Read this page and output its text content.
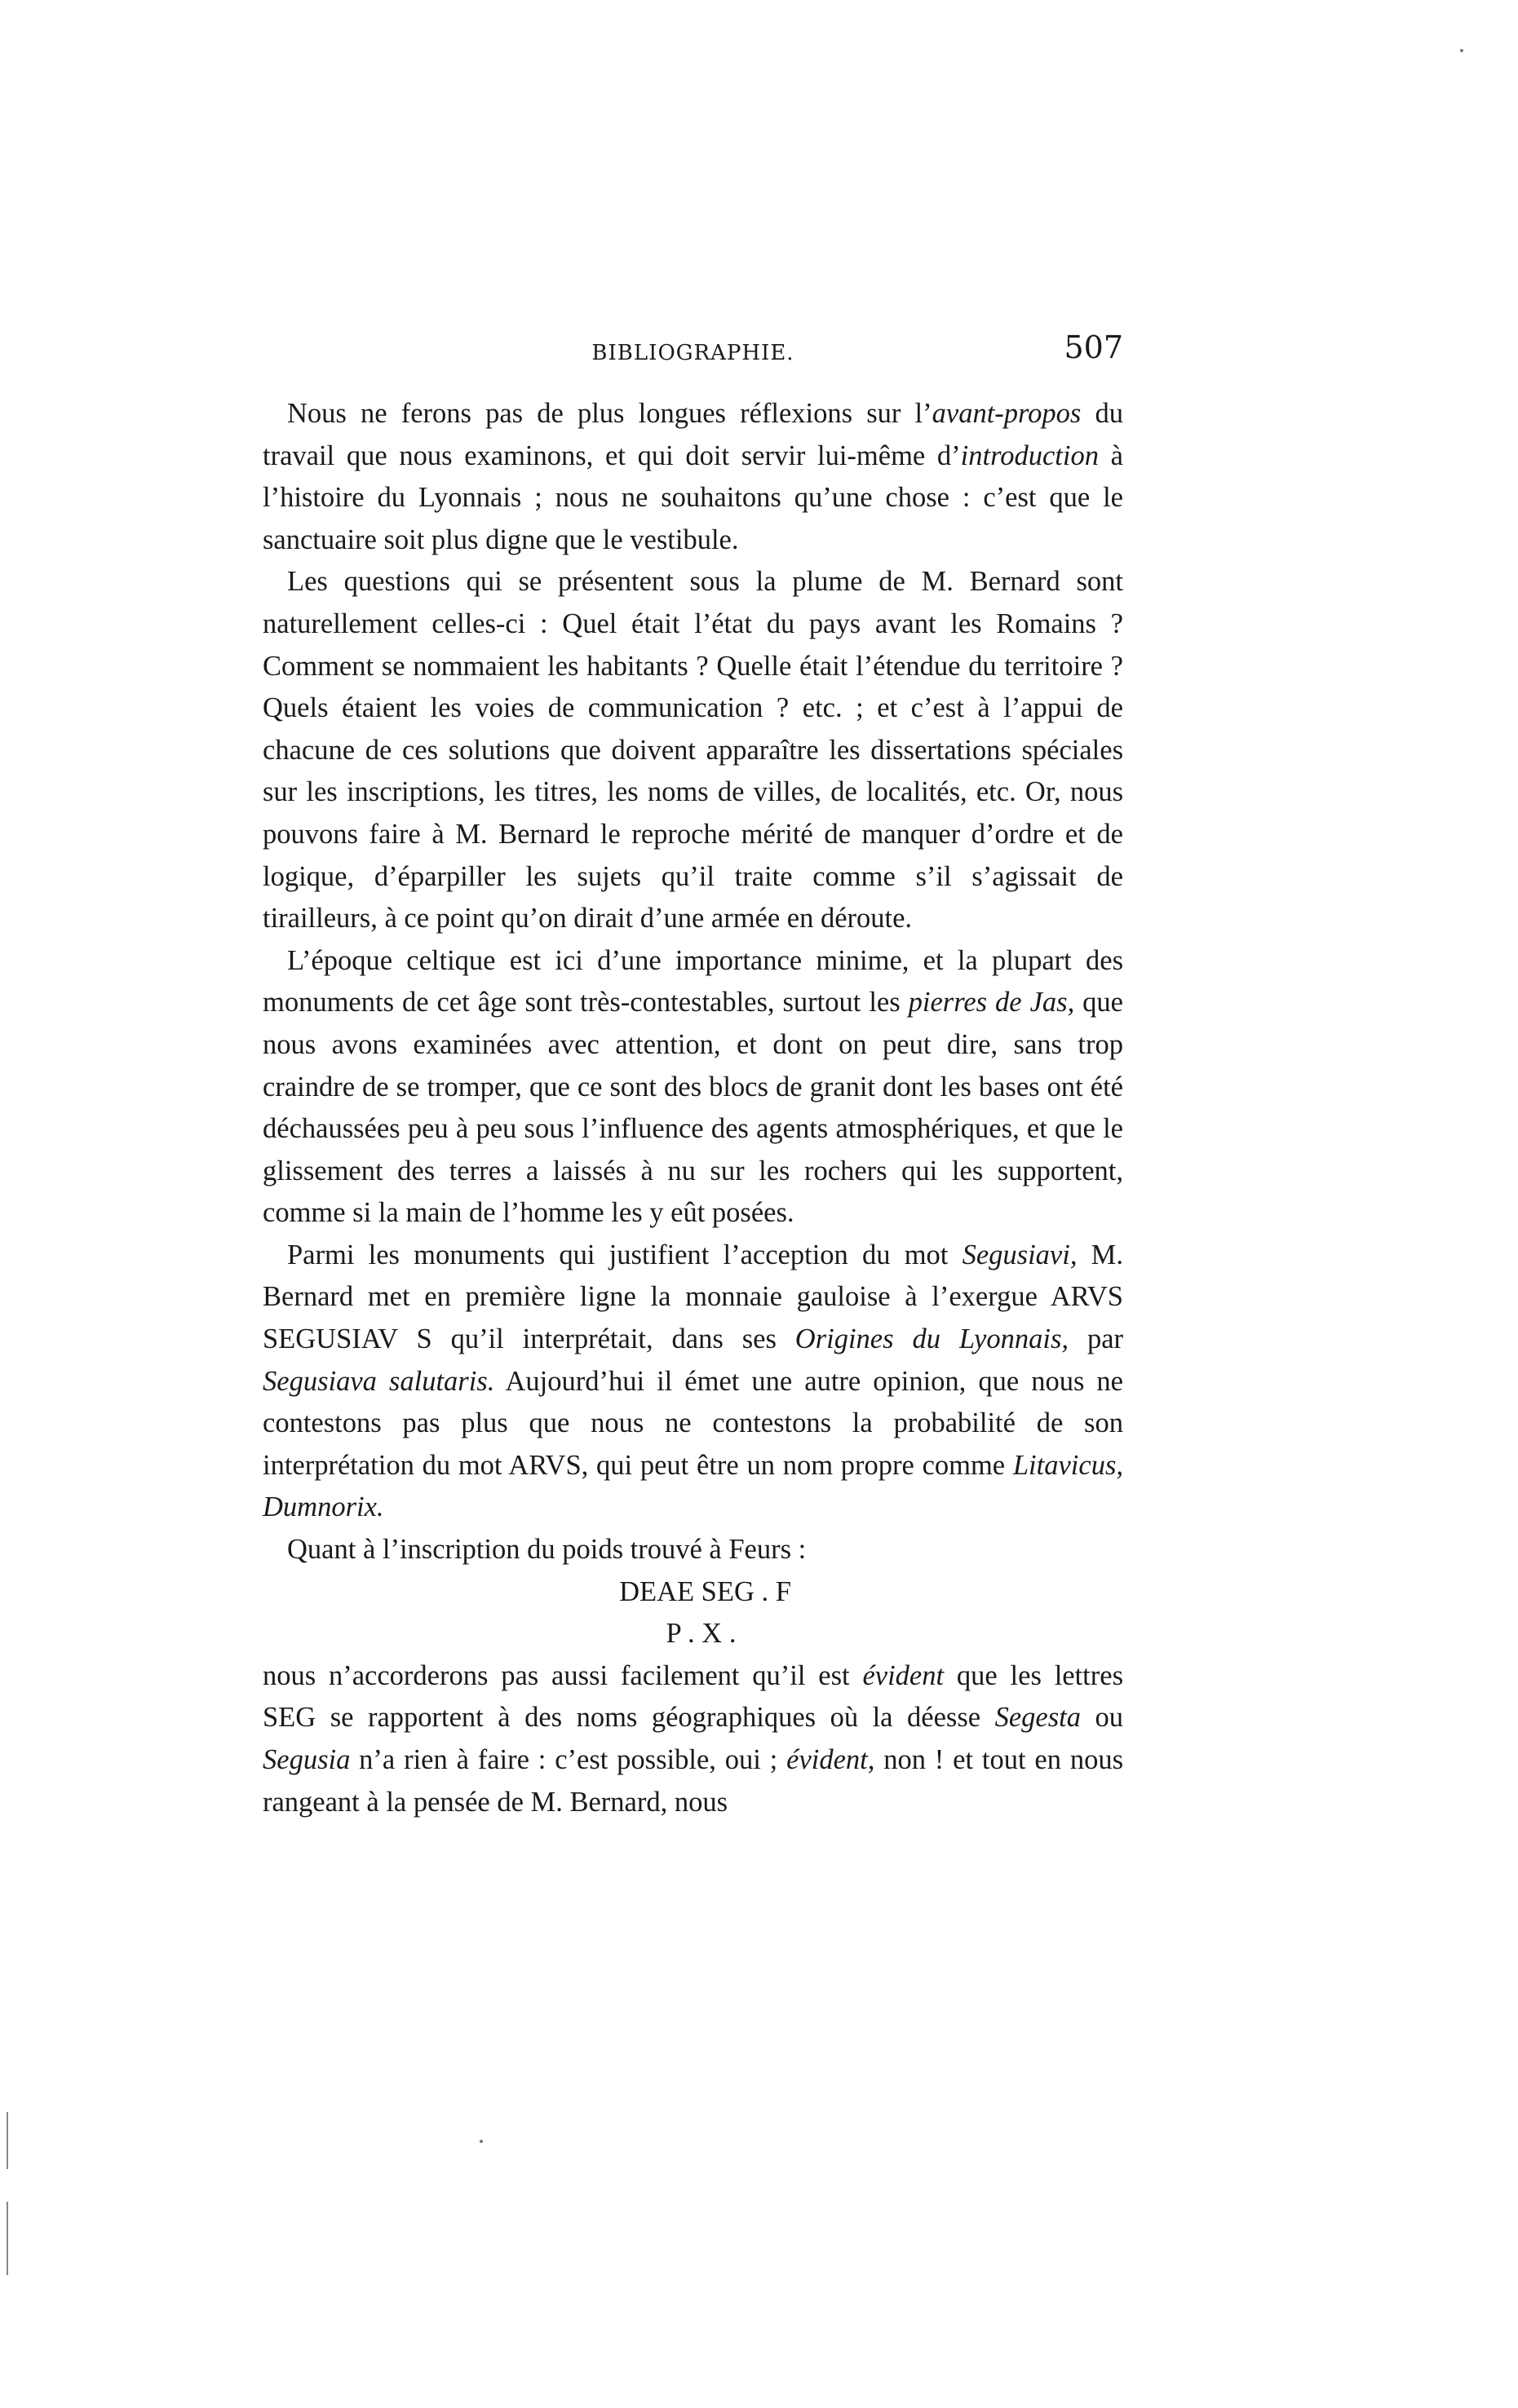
BIBLIOGRAPHIE.	507

Nous ne ferons pas de plus longues réflexions sur l’avant-propos du travail que nous examinons, et qui doit servir lui-même d’introduction à l’histoire du Lyonnais ; nous ne souhaitons qu’une chose : c’est que le sanctuaire soit plus digne que le vestibule.

Les questions qui se présentent sous la plume de M. Bernard sont naturellement celles-ci : Quel était l’état du pays avant les Romains ? Comment se nommaient les habitants ? Quelle était l’étendue du territoire ? Quels étaient les voies de communication ? etc. ; et c’est à l’appui de chacune de ces solutions que doivent apparaître les dissertations spéciales sur les inscriptions, les titres, les noms de villes, de localités, etc. Or, nous pouvons faire à M. Bernard le reproche mérité de manquer d’ordre et de logique, d’éparpiller les sujets qu’il traite comme s’il s’agissait de tirailleurs, à ce point qu’on dirait d’une armée en déroute.

L’époque celtique est ici d’une importance minime, et la plupart des monuments de cet âge sont très-contestables, surtout les pierres de Jas, que nous avons examinées avec attention, et dont on peut dire, sans trop craindre de se tromper, que ce sont des blocs de granit dont les bases ont été déchaussées peu à peu sous l’influence des agents atmosphériques, et que le glissement des terres a laissés à nu sur les rochers qui les supportent, comme si la main de l’homme les y eût posées.

Parmi les monuments qui justifient l’acception du mot Segusiavi, M. Bernard met en première ligne la monnaie gauloise à l’exergue ARVS SEGUSIAV S qu’il interprétait, dans ses Origines du Lyonnais, par Segusiava salutaris. Aujourd’hui il émet une autre opinion, que nous ne contestons pas plus que nous ne contestons la probabilité de son interprétation du mot ARVS, qui peut être un nom propre comme Litavicus, Dumnorix.

Quant à l’inscription du poids trouvé à Feurs :

DEAE SEG . F
P . X .

nous n’accorderons pas aussi facilement qu’il est évident que les lettres SEG se rapportent à des noms géographiques où la déesse Segesta ou Segusia n’a rien à faire : c’est possible, oui ; évident, non ! et tout en nous rangeant à la pensée de M. Bernard, nous
